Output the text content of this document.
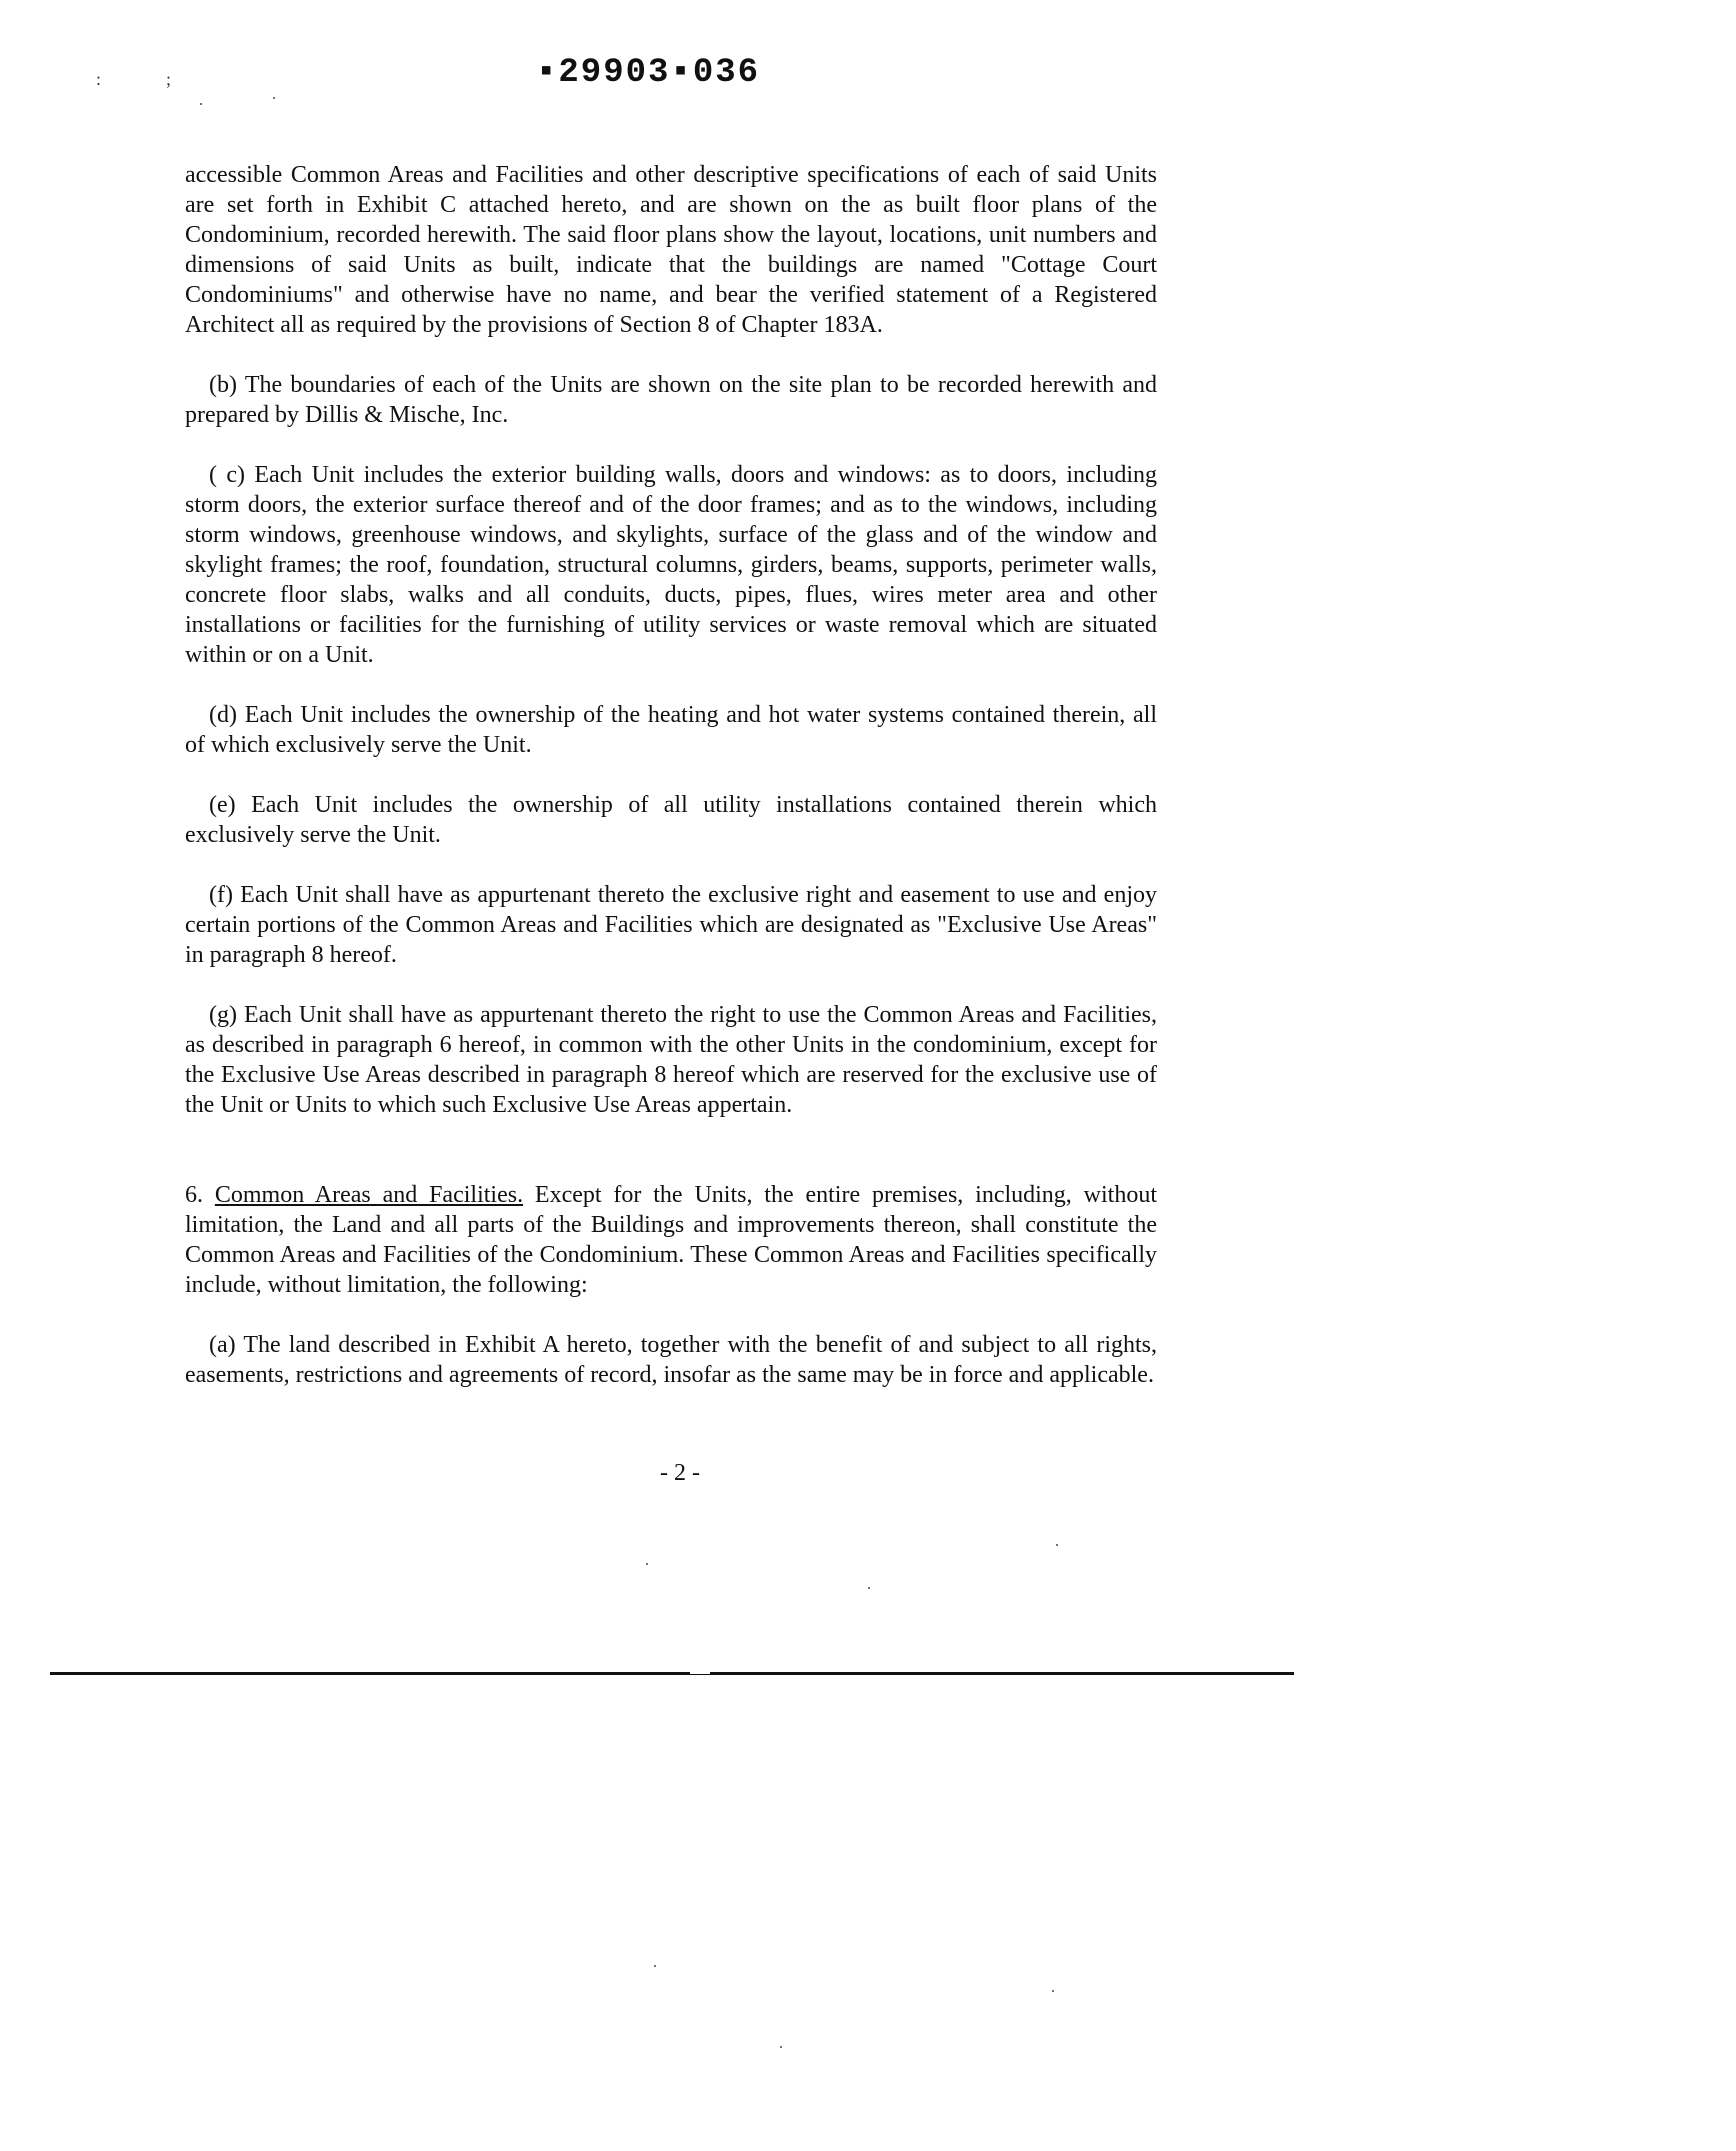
:	;	▪29903▪036

accessible Common Areas and Facilities and other descriptive specifications of each of said Units are set forth in Exhibit C attached hereto, and are shown on the as built floor plans of the Condominium, recorded herewith. The said floor plans show the layout, locations, unit numbers and dimensions of said Units as built, indicate that the buildings are named "Cottage Court Condominiums" and otherwise have no name, and bear the verified statement of a Registered Architect all as required by the provisions of Section 8 of Chapter 183A.

(b) The boundaries of each of the Units are shown on the site plan to be recorded herewith and prepared by Dillis & Mische, Inc.

( c) Each Unit includes the exterior building walls, doors and windows: as to doors, including storm doors, the exterior surface thereof and of the door frames; and as to the windows, including storm windows, greenhouse windows, and skylights, surface of the glass and of the window and skylight frames; the roof, foundation, structural columns, girders, beams, supports, perimeter walls, concrete floor slabs, walks and all conduits, ducts, pipes, flues, wires meter area and other installations or facilities for the furnishing of utility services or waste removal which are situated within or on a Unit.

(d) Each Unit includes the ownership of the heating and hot water systems contained therein, all of which exclusively serve the Unit.

(e) Each Unit includes the ownership of all utility installations contained therein which exclusively serve the Unit.

(f) Each Unit shall have as appurtenant thereto the exclusive right and easement to use and enjoy certain portions of the Common Areas and Facilities which are designated as "Exclusive Use Areas" in paragraph 8 hereof.

(g) Each Unit shall have as appurtenant thereto the right to use the Common Areas and Facilities, as described in paragraph 6 hereof, in common with the other Units in the condominium, except for the Exclusive Use Areas described in paragraph 8 hereof which are reserved for the exclusive use of the Unit or Units to which such Exclusive Use Areas appertain.

6. Common Areas and Facilities. Except for the Units, the entire premises, including, without limitation, the Land and all parts of the Buildings and improvements thereon, shall constitute the Common Areas and Facilities of the Condominium. These Common Areas and Facilities specifically include, without limitation, the following:

(a) The land described in Exhibit A hereto, together with the benefit of and subject to all rights, easements, restrictions and agreements of record, insofar as the same may be in force and applicable.

- 2 -
